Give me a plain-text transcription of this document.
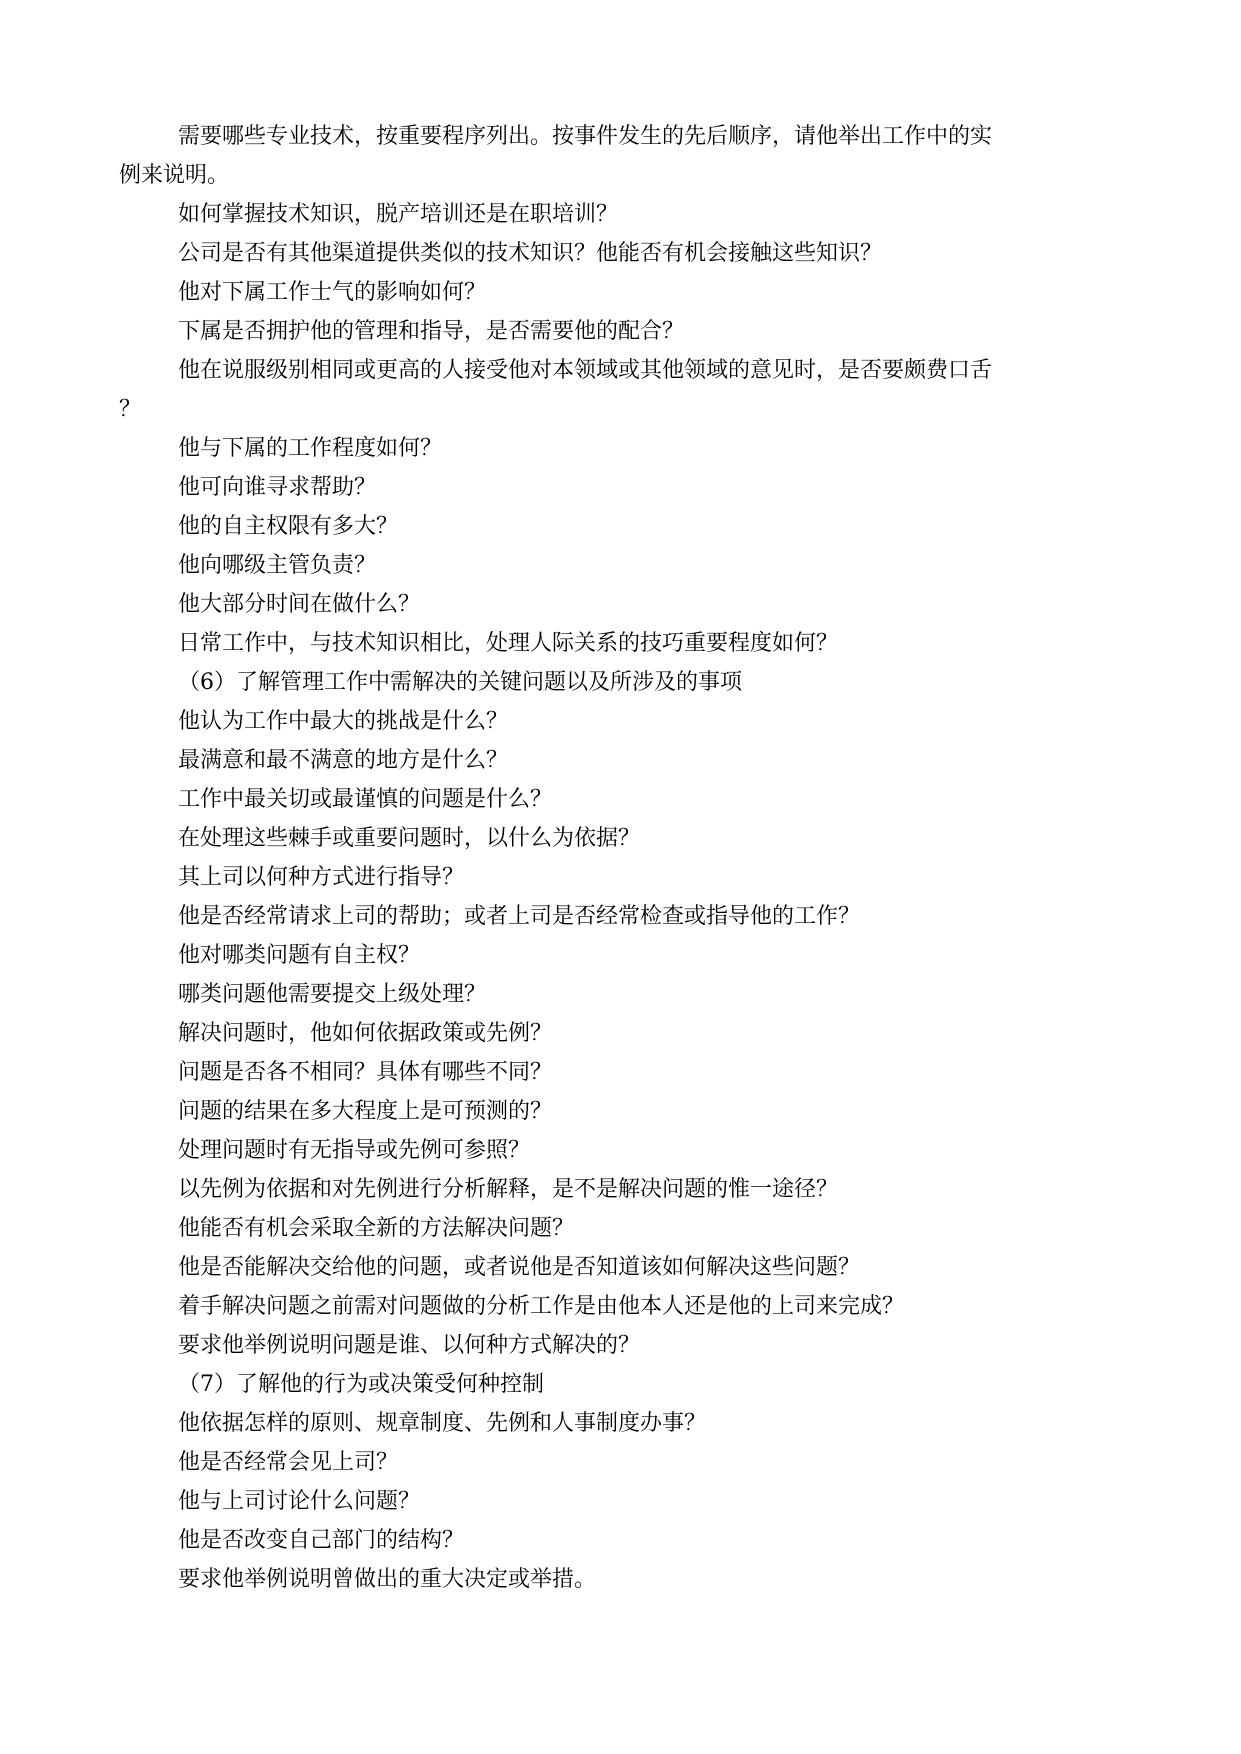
需要哪些专业技术，按重要程序列出。按事件发生的先后顺序，请他举出工作中的实
例来说明。
如何掌握技术知识，脱产培训还是在职培训？
公司是否有其他渠道提供类似的技术知识？他能否有机会接触这些知识？
他对下属工作士气的影响如何？
下属是否拥护他的管理和指导，是否需要他的配合？
他在说服级别相同或更高的人接受他对本领域或其他领域的意见时，是否要颇费口舌
？
他与下属的工作程度如何？
他可向谁寻求帮助？
他的自主权限有多大？
他向哪级主管负责？
他大部分时间在做什么？
日常工作中，与技术知识相比，处理人际关系的技巧重要程度如何？
（6）了解管理工作中需解决的关键问题以及所涉及的事项
他认为工作中最大的挑战是什么？
最满意和最不满意的地方是什么？
工作中最关切或最谨慎的问题是什么？
在处理这些棘手或重要问题时，以什么为依据？
其上司以何种方式进行指导？
他是否经常请求上司的帮助；或者上司是否经常检查或指导他的工作？
他对哪类问题有自主权？
哪类问题他需要提交上级处理？
解决问题时，他如何依据政策或先例？
问题是否各不相同？具体有哪些不同？
问题的结果在多大程度上是可预测的？
处理问题时有无指导或先例可参照？
以先例为依据和对先例进行分析解释，是不是解决问题的惟一途径？
他能否有机会采取全新的方法解决问题？
他是否能解决交给他的问题，或者说他是否知道该如何解决这些问题？
着手解决问题之前需对问题做的分析工作是由他本人还是他的上司来完成？
要求他举例说明问题是谁、以何种方式解决的？
（7）了解他的行为或决策受何种控制
他依据怎样的原则、规章制度、先例和人事制度办事？
他是否经常会见上司？
他与上司讨论什么问题？
他是否改变自己部门的结构？
要求他举例说明曾做出的重大决定或举措。
